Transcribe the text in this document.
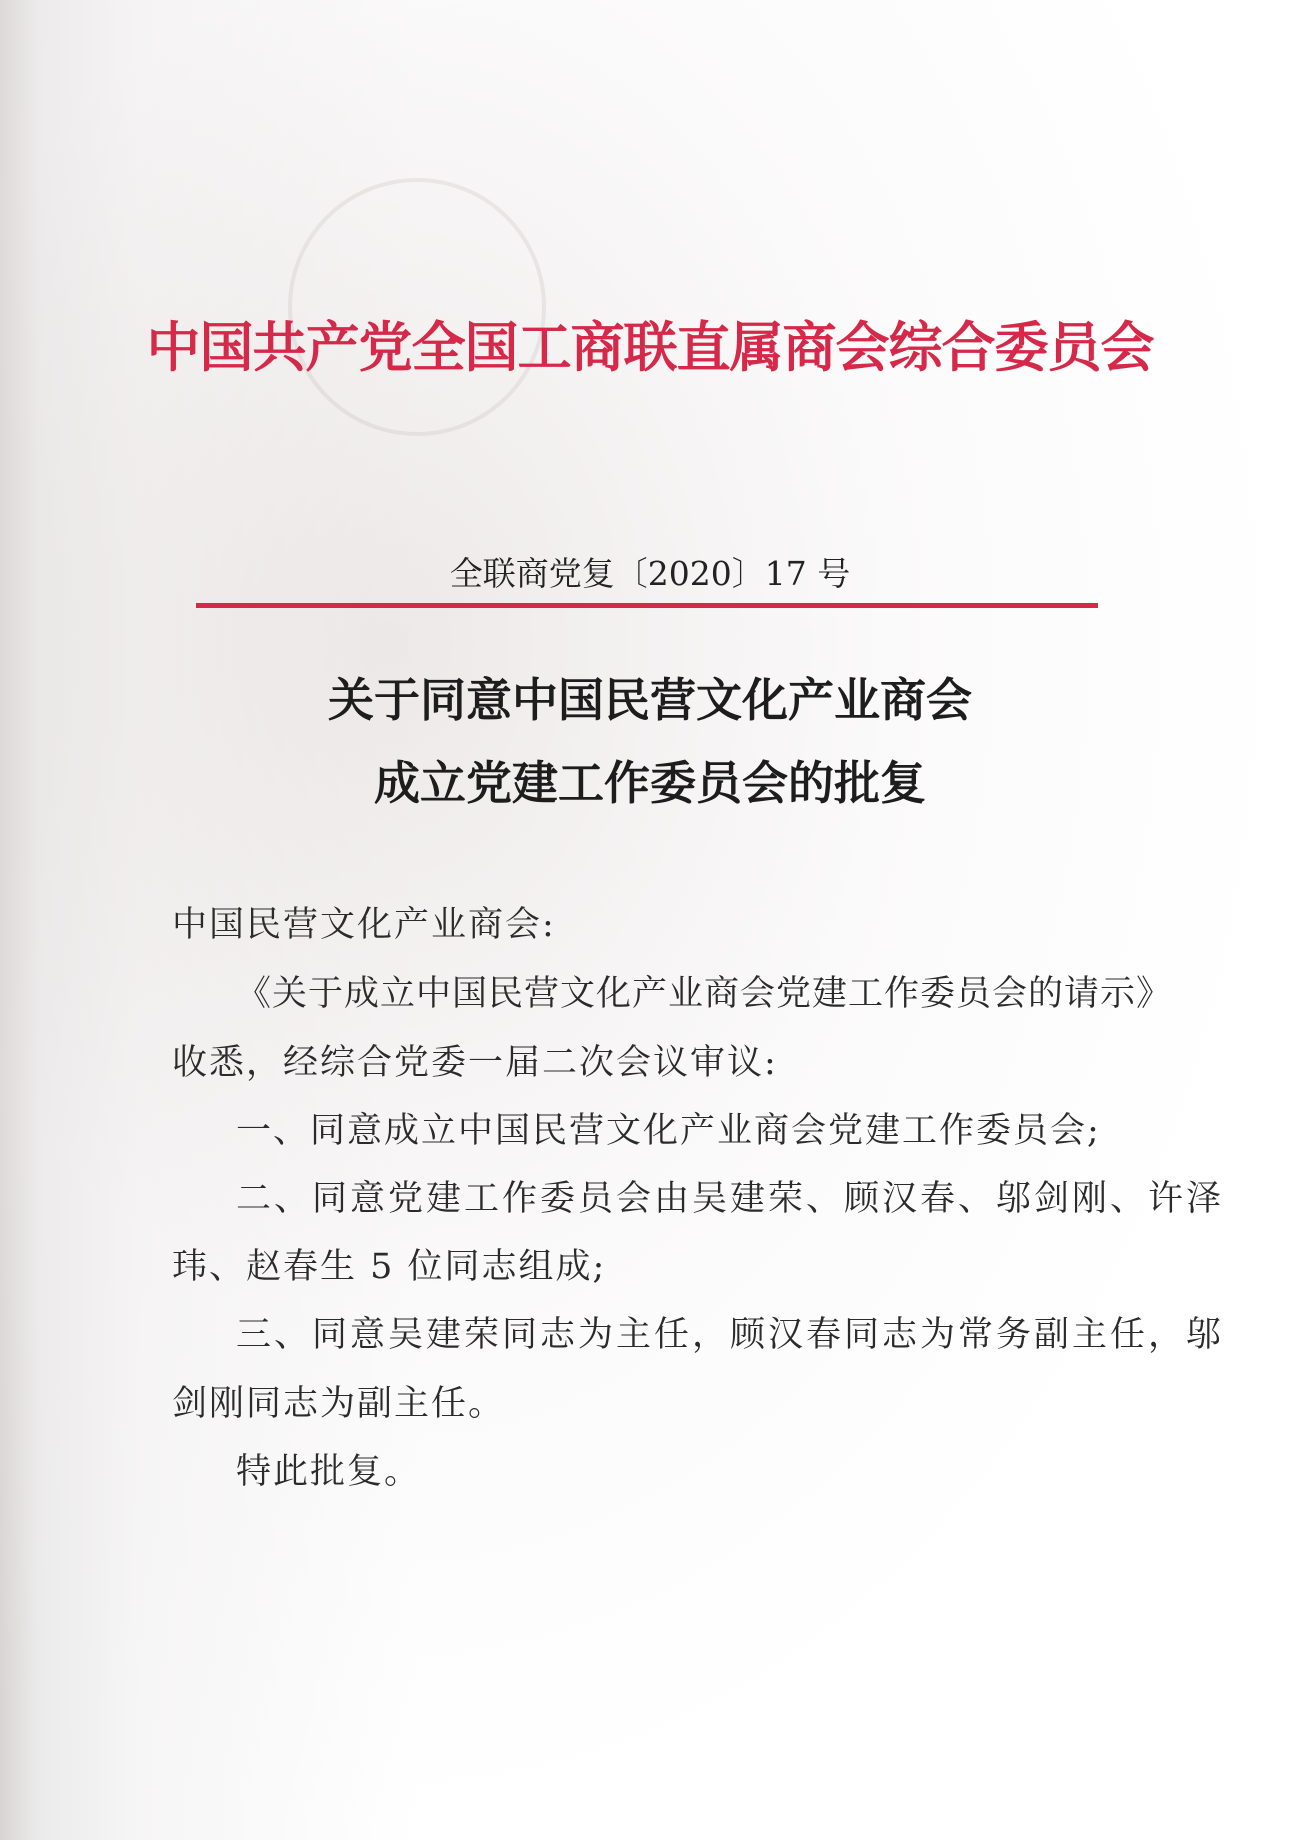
中国共产党全国工商联直属商会综合委员会
全联商党复〔2020〕17 号
关于同意中国民营文化产业商会
成立党建工作委员会的批复
中国民营文化产业商会:
《关于成立中国民营文化产业商会党建工作委员会的请示》
收悉，经综合党委一届二次会议审议:
一、同意成立中国民营文化产业商会党建工作委员会;
二、同意党建工作委员会由吴建荣、顾汉春、邬剑刚、许泽
玮、赵春生 5 位同志组成;
三、同意吴建荣同志为主任，顾汉春同志为常务副主任，邬
剑刚同志为副主任。
特此批复。
